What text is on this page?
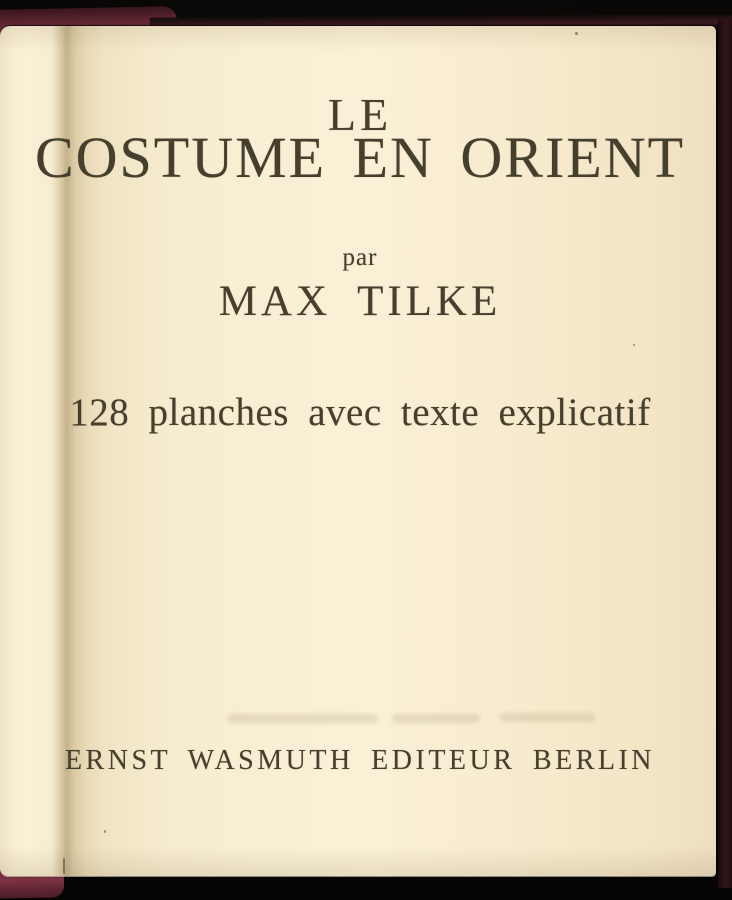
LE
COSTUME EN ORIENT
par
MAX TILKE
128 planches avec texte explicatif
ERNST WASMUTH EDITEUR BERLIN
